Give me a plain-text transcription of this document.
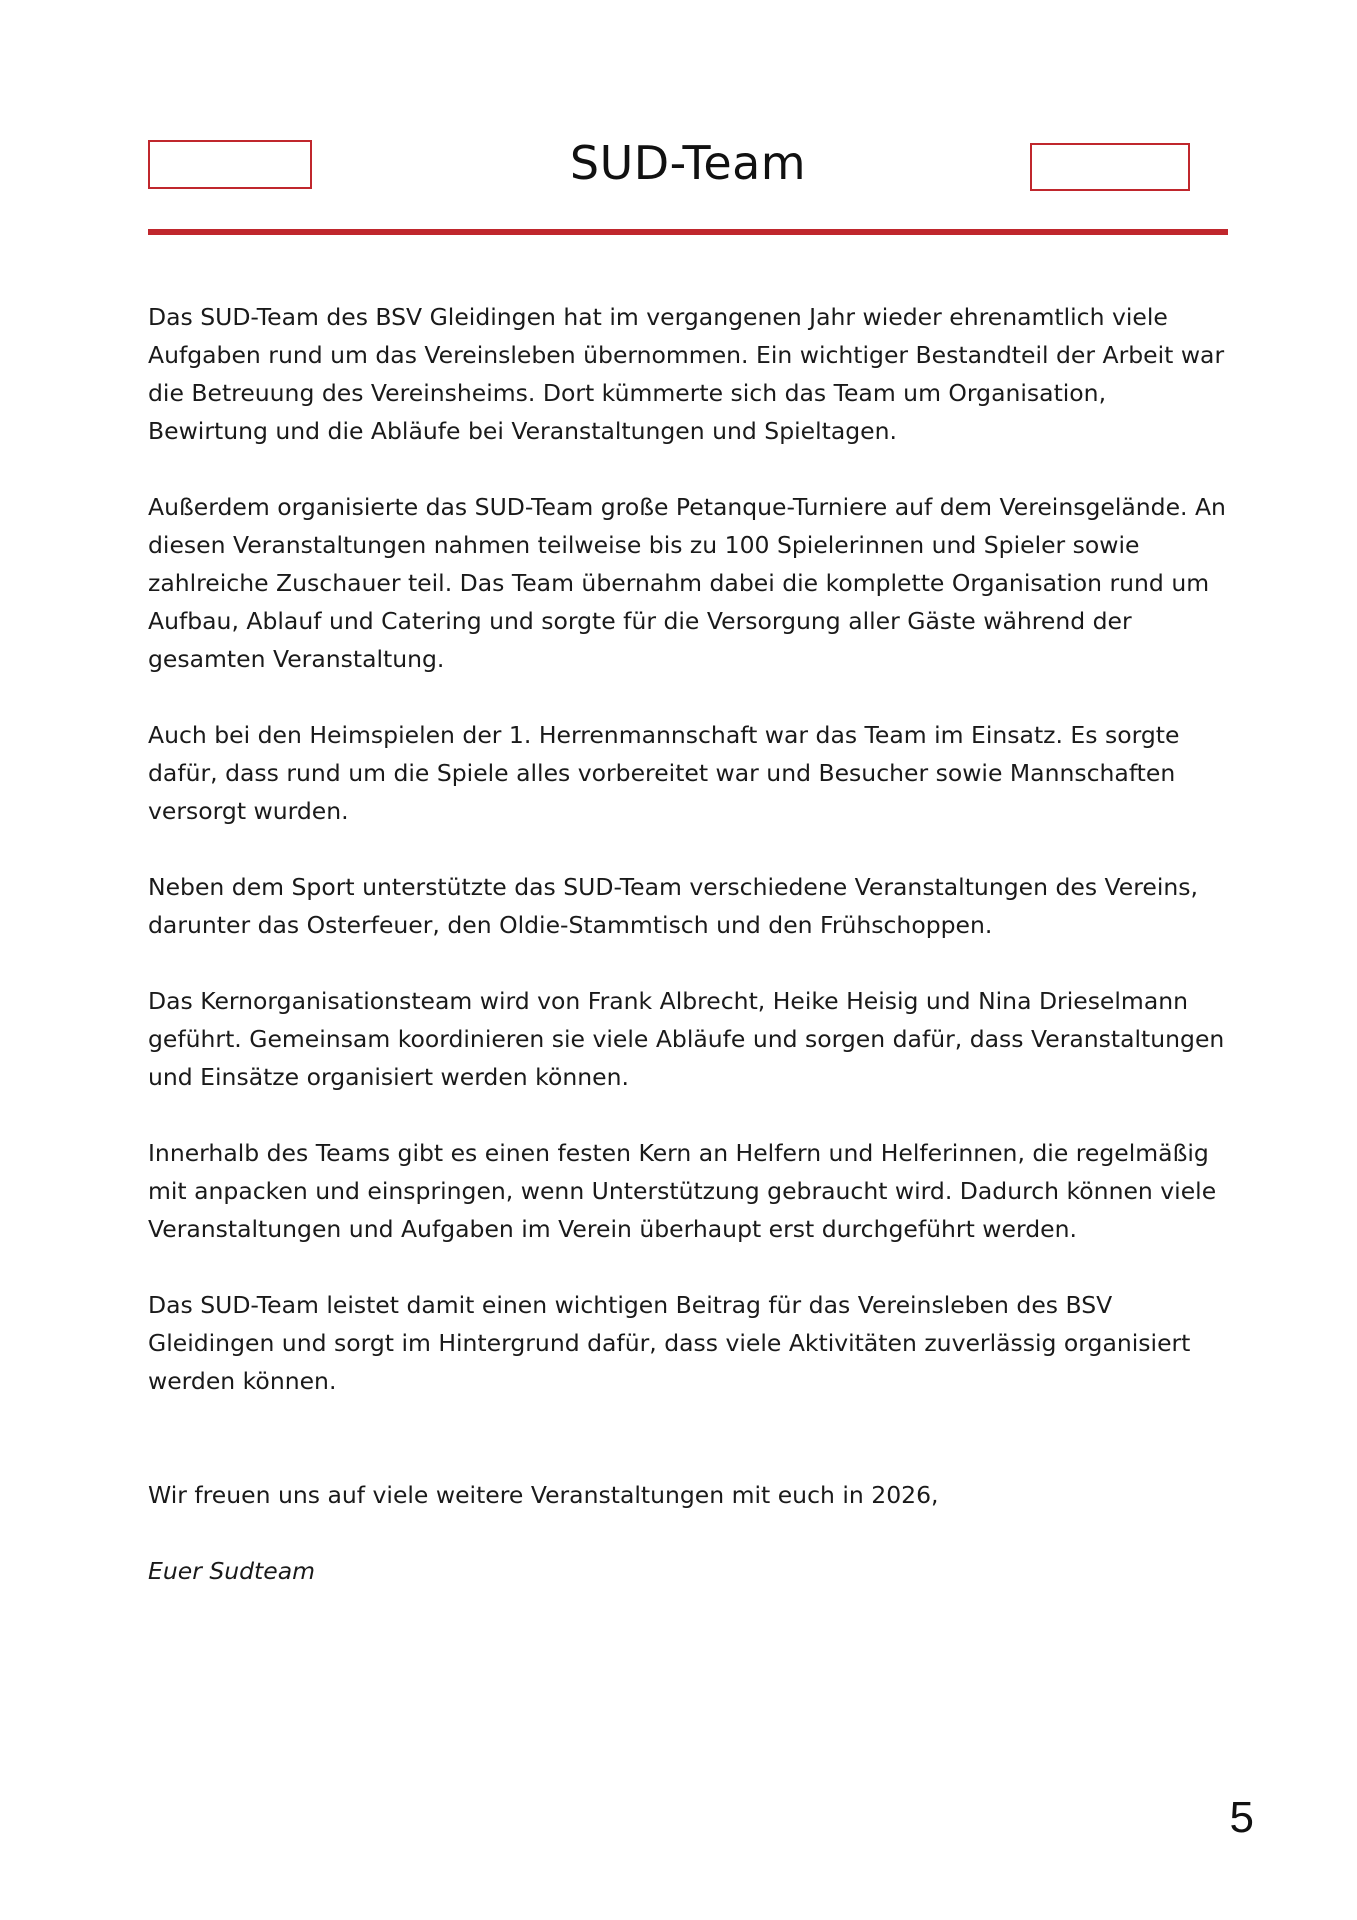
SUD-Team

Das SUD-Team des BSV Gleidingen hat im vergangenen Jahr wieder ehrenamtlich viele Aufgaben rund um das Vereinsleben übernommen. Ein wichtiger Bestandteil der Arbeit war die Betreuung des Vereinsheims. Dort kümmerte sich das Team um Organisation, Bewirtung und die Abläufe bei Veranstaltungen und Spieltagen.

Außerdem organisierte das SUD-Team große Petanque-Turniere auf dem Vereinsgelände. An diesen Veranstaltungen nahmen teilweise bis zu 100 Spielerinnen und Spieler sowie zahlreiche Zuschauer teil. Das Team übernahm dabei die komplette Organisation rund um Aufbau, Ablauf und Catering und sorgte für die Versorgung aller Gäste während der gesamten Veranstaltung.

Auch bei den Heimspielen der 1. Herrenmannschaft war das Team im Einsatz. Es sorgte dafür, dass rund um die Spiele alles vorbereitet war und Besucher sowie Mannschaften versorgt wurden.

Neben dem Sport unterstützte das SUD-Team verschiedene Veranstaltungen des Vereins, darunter das Osterfeuer, den Oldie-Stammtisch und den Frühschoppen.

Das Kernorganisationsteam wird von Frank Albrecht, Heike Heisig und Nina Drieselmann geführt. Gemeinsam koordinieren sie viele Abläufe und sorgen dafür, dass Veranstaltungen und Einsätze organisiert werden können.

Innerhalb des Teams gibt es einen festen Kern an Helfern und Helferinnen, die regelmäßig mit anpacken und einspringen, wenn Unterstützung gebraucht wird. Dadurch können viele Veranstaltungen und Aufgaben im Verein überhaupt erst durchgeführt werden.

Das SUD-Team leistet damit einen wichtigen Beitrag für das Vereinsleben des BSV Gleidingen und sorgt im Hintergrund dafür, dass viele Aktivitäten zuverlässig organisiert werden können.

Wir freuen uns auf viele weitere Veranstaltungen mit euch in 2026,

Euer Sudteam

5
